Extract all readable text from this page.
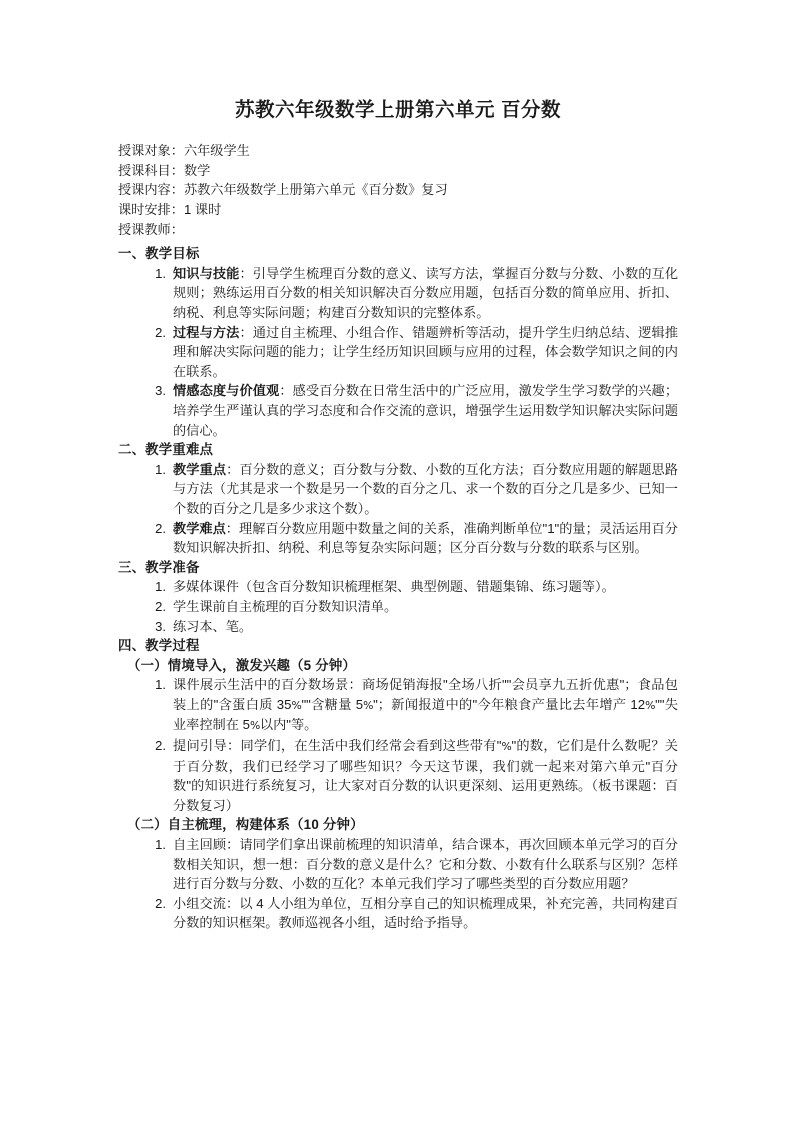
苏教六年级数学上册第六单元 百分数
授课对象：六年级学生
授课科目：数学
授课内容：苏教六年级数学上册第六单元《百分数》复习
课时安排：1 课时
授课教师：
一、教学目标
知识与技能：引导学生梳理百分数的意义、读写方法，掌握百分数与分数、小数的互化规则；熟练运用百分数的相关知识解决百分数应用题，包括百分数的简单应用、折扣、纳税、利息等实际问题；构建百分数知识的完整体系。
过程与方法：通过自主梳理、小组合作、错题辨析等活动，提升学生归纳总结、逻辑推理和解决实际问题的能力；让学生经历知识回顾与应用的过程，体会数学知识之间的内在联系。
情感态度与价值观：感受百分数在日常生活中的广泛应用，激发学生学习数学的兴趣；培养学生严谨认真的学习态度和合作交流的意识，增强学生运用数学知识解决实际问题的信心。
二、教学重难点
教学重点：百分数的意义；百分数与分数、小数的互化方法；百分数应用题的解题思路与方法（尤其是求一个数是另一个数的百分之几、求一个数的百分之几是多少、已知一个数的百分之几是多少求这个数）。
教学难点：理解百分数应用题中数量之间的关系，准确判断单位"1"的量；灵活运用百分数知识解决折扣、纳税、利息等复杂实际问题；区分百分数与分数的联系与区别。
三、教学准备
多媒体课件（包含百分数知识梳理框架、典型例题、错题集锦、练习题等）。
学生课前自主梳理的百分数知识清单。
练习本、笔。
四、教学过程
（一）情境导入，激发兴趣（5 分钟）
课件展示生活中的百分数场景：商场促销海报"全场八折""会员享九五折优惠"；食品包装上的"含蛋白质 35%""含糖量 5%"；新闻报道中的"今年粮食产量比去年增产 12%""失业率控制在 5%以内"等。
提问引导：同学们，在生活中我们经常会看到这些带有"%"的数，它们是什么数呢？关于百分数，我们已经学习了哪些知识？今天这节课，我们就一起来对第六单元"百分数"的知识进行系统复习，让大家对百分数的认识更深刻、运用更熟练。（板书课题：百分数复习）
（二）自主梳理，构建体系（10 分钟）
自主回顾：请同学们拿出课前梳理的知识清单，结合课本，再次回顾本单元学习的百分数相关知识，想一想：百分数的意义是什么？它和分数、小数有什么联系与区别？怎样进行百分数与分数、小数的互化？本单元我们学习了哪些类型的百分数应用题？
小组交流：以 4 人小组为单位，互相分享自己的知识梳理成果，补充完善，共同构建百分数的知识框架。教师巡视各小组，适时给予指导。
